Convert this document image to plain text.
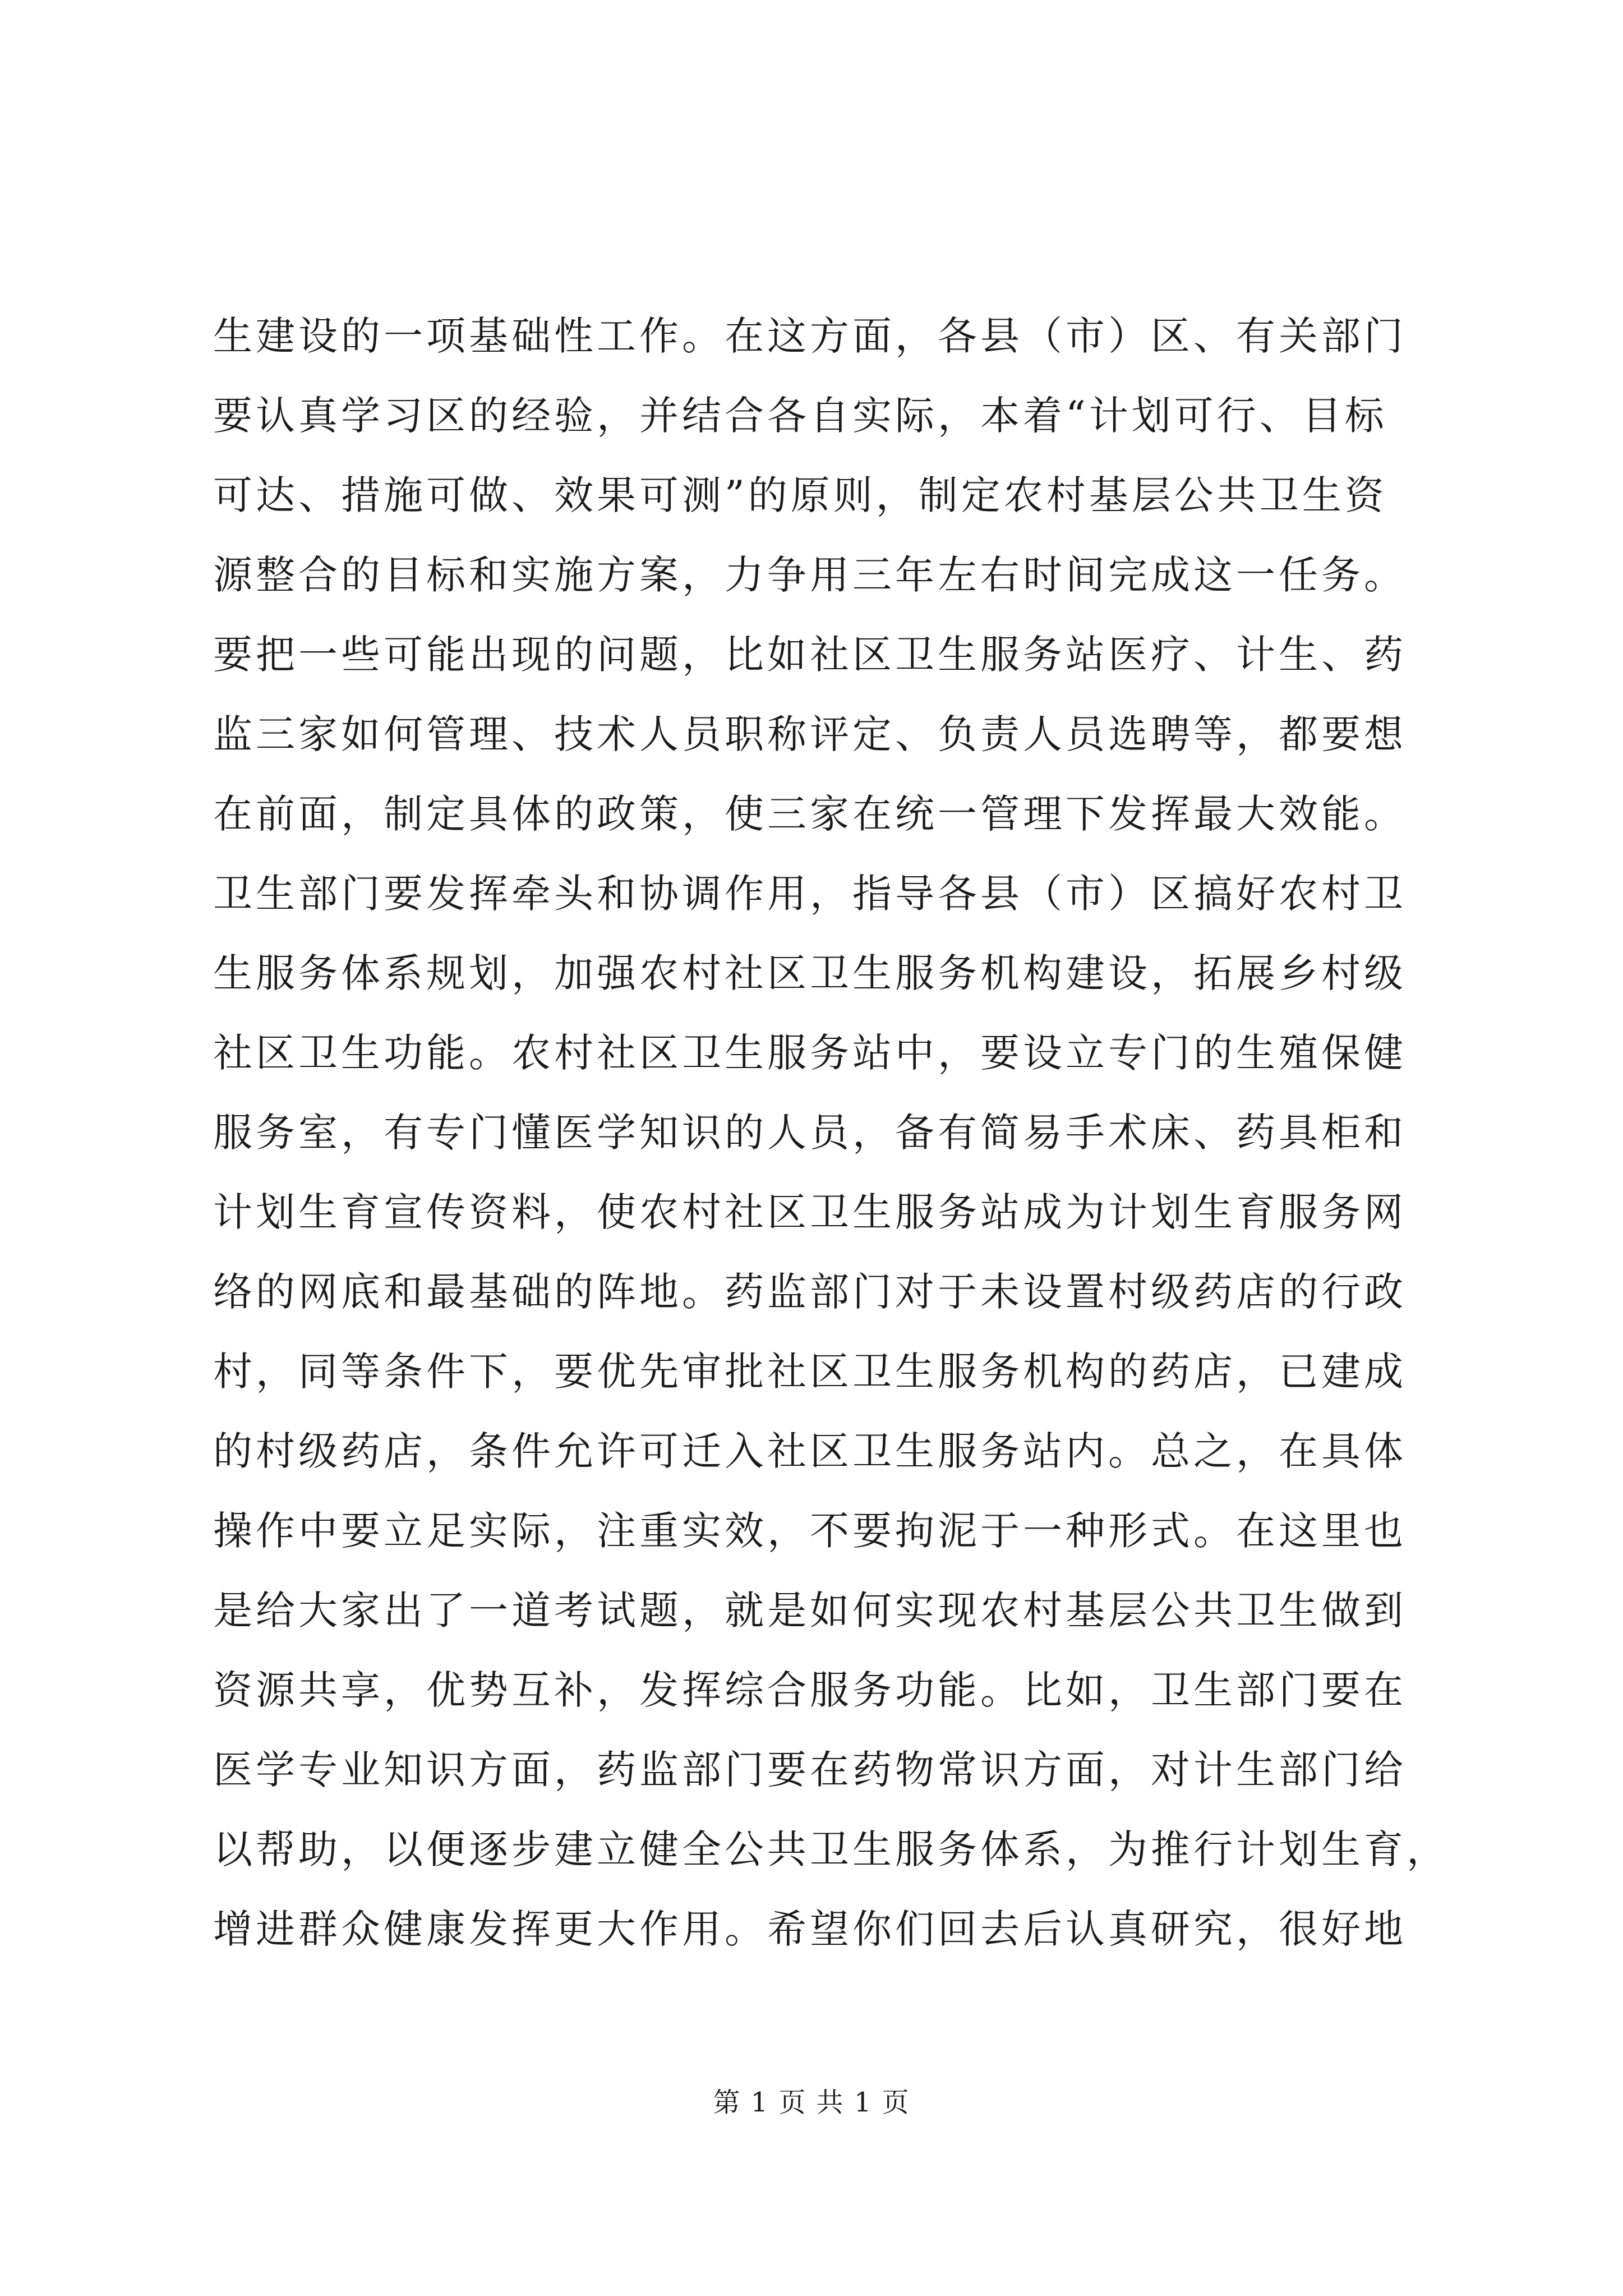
生建设的一项基础性工作。在这方面，各县（市）区、有关部门
要认真学习区的经验，并结合各自实际，本着“计划可行、目标
可达、措施可做、效果可测”的原则，制定农村基层公共卫生资
源整合的目标和实施方案，力争用三年左右时间完成这一任务。
要把一些可能出现的问题，比如社区卫生服务站医疗、计生、药
监三家如何管理、技术人员职称评定、负责人员选聘等，都要想
在前面，制定具体的政策，使三家在统一管理下发挥最大效能。
卫生部门要发挥牵头和协调作用，指导各县（市）区搞好农村卫
生服务体系规划，加强农村社区卫生服务机构建设，拓展乡村级
社区卫生功能。农村社区卫生服务站中，要设立专门的生殖保健
服务室，有专门懂医学知识的人员，备有简易手术床、药具柜和
计划生育宣传资料，使农村社区卫生服务站成为计划生育服务网
络的网底和最基础的阵地。药监部门对于未设置村级药店的行政
村，同等条件下，要优先审批社区卫生服务机构的药店，已建成
的村级药店，条件允许可迁入社区卫生服务站内。总之，在具体
操作中要立足实际，注重实效，不要拘泥于一种形式。在这里也
是给大家出了一道考试题，就是如何实现农村基层公共卫生做到
资源共享，优势互补，发挥综合服务功能。比如，卫生部门要在
医学专业知识方面，药监部门要在药物常识方面，对计生部门给
以帮助，以便逐步建立健全公共卫生服务体系，为推行计划生育，
增进群众健康发挥更大作用。希望你们回去后认真研究，很好地
第 1 页 共 1 页
